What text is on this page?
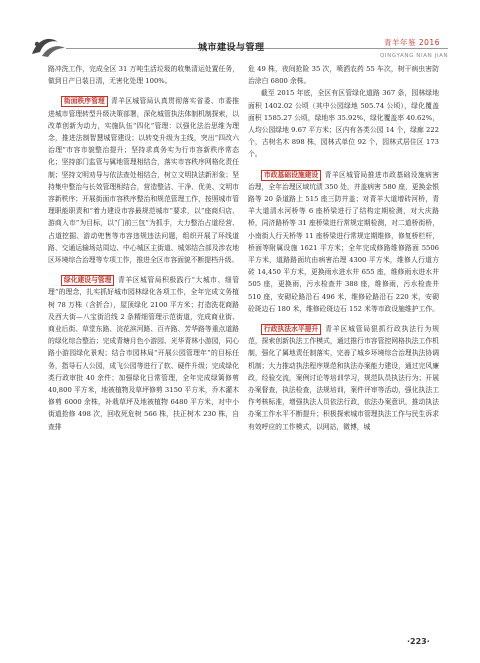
城市建设与管理
青羊年鉴 2016
QINGYANG NIAN JIAN

路冲洗工作，完成全区 31 万吨生活垃圾的收集清运处置任务，做到日产日装日清，无害化处理 100%。

街面秩序管理 青羊区城管局认真贯彻落实省委、市委推进城市管理转型升级决策部署，深化城管执法体制机制探索，以改革创新为动力，实施队伍“四化”管理：以强化法治思维为理念，推进法制智慧城管建设；以转变升级为主线，突出“四改六治理”市容市貌整治提升；坚持求真务实为行市容新秩序常态化；坚持部门监管与属地管理相结合，落实市容秩序网格化责任制；坚持文明劝导与依法查处相结合，树立文明执法新形象；坚持集中整治与长效管理相结合，营造整洁、干净、优美、文明市容新秩序；开展街面市容秩序整治和规范管理工作，按照城市管理职能职责和“着力建设市容最规范城市”要求，以“座商归店、游商入市”为目标，以“门前三包”为抓手，大力整治占道经营、占道挖掘、游动兜售等市容违规违法问题，组织开展了环线道路、交通运输场站周边、中心城区主街道、城郊结合部及涉农地区环境综合治理等专项工作，推进全区市容面貌不断提档升级。

绿化建设与管理 青羊区城管局积极践行“大城市、细管理”的理念，扎实抓好城市园林绿化各项工作，全年完成文务植树 78 万株（含折合），屋顶绿化 2100 平方米；打造洗花商路及西大街—八宝街沿线 2 条精细管理示范街道，完成商业街、商业后街、草堂东路、浣花滨河路、百卉路、芳华路等重点道路的绿化综合整治；完成青塘月色小游园、光华青林小游园，同心路小游园绿化景观；结合市园林局“开展公园管理年”的目标任务，指导石人公园，成飞公园等进行了软、硬件升级；完成绿化类行政审批 40 余件；加强绿化日常管理，全年完成绿篱修剪 40,800 平方米，地被植物及草坪修剪 3150 平方米，乔木灌木修剪 6000 余株，补栽草坪及地被植物 6480 平方米，对中小街道抢修 498 次，回收死危树 566 株，扶正树木 230 株，自查排

危 49 株，夜间抢险 35 次，喷洒农药 55 车次，树干病虫害防治涂白 6800 余株。

截至 2015 年底，全区有区管绿化道路 367 条，园林绿地面积 1402.02 公顷（其中公园绿地 505.74 公顷），绿化覆盖面积 1585.27 公顷，绿地率 35.92%，绿化覆盖率 40.62%，人均公园绿地 9.67 平方米；区内有各类公园 14 个，绿廊 222 个，古树名木 898 株，园林式单位 92 个，园林式居住区 173 个。

市政基础设施建设 青羊区城管局推进市政基础设施病害治理，全年治理区域坑渍 350 处，井盖病害 580 座，更换金银路等 20 条道路上 515 座三防井盖；对青羊大道增砖河桥，青羊大道清水河桥等 6 座桥梁进行了结构定期检测，对大庆路桥，同济路桥等 31 座桥梁进行常规定期检测，对二道桥街桥，小南街人行天桥等 11 座桥梁进行常规定期维修，修复桥栏杆，桥面等附属设施 1621 平方米；全年完成修路维修路面 5506 平方米，道路路面坑由病害治理 4300 平方米，维修人行道方砖 14,450 平方米，更换雨水进水井 655 座，维修雨水进水井 505 座，更换雨，污水检查井 388 座，维修雨，污水检查井 510 座，安砌砼路沿石 496 米，维修砼路沿石 220 米，安砌砼斑边石 180 米，维修砼斑边石 152 米等市政设施维护工作。

行政执法水平提升 青羊区城管局狠抓行政执法行为规范，探索创新执法工作模式，通过推行市容管控网格执法工作机制，强化了属地责任制落实，完善了城乡环境综合治理执法协调机制；大力推动执法程序规范和执法办案能力建设，通过完风廉政，经验交流，案例讨论等培训学习，规范队员执法行为；开展办案督查，执法检查，法规培训，案件评审等活动，强化执法工作考核标准，增强执法人员依法行政，依法办案意识，推动执法办案工作水平不断提升；积极探索城市管理执法工作与民生诉求有效呼应的工作模式，以网站，微博，城

·223·
